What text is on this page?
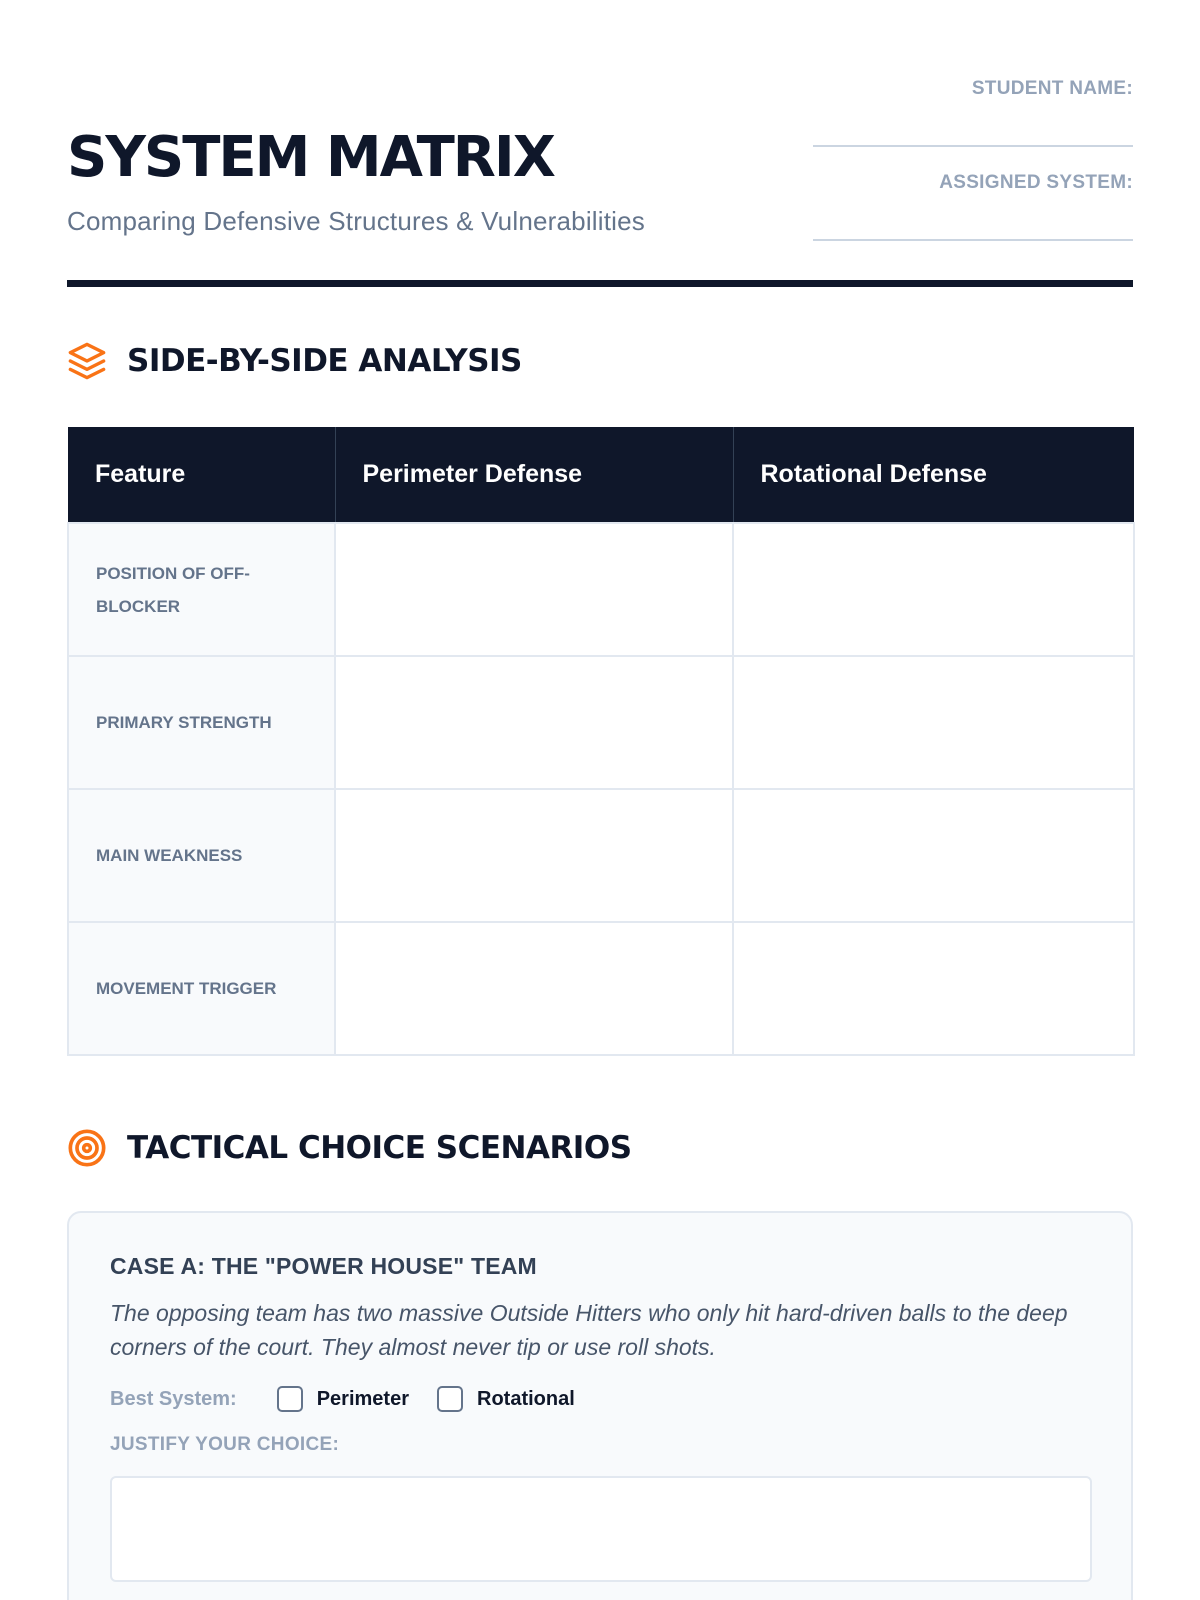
SYSTEM MATRIX
Comparing Defensive Structures & Vulnerabilities
STUDENT NAME:
ASSIGNED SYSTEM:
SIDE-BY-SIDE ANALYSIS
Feature	Perimeter Defense	Rotational Defense
POSITION OF OFF-BLOCKER		
PRIMARY STRENGTH		
MAIN WEAKNESS		
MOVEMENT TRIGGER		
TACTICAL CHOICE SCENARIOS
CASE A: THE "POWER HOUSE" TEAM
The opposing team has two massive Outside Hitters who only hit hard-driven balls to the deep corners of the court. They almost never tip or use roll shots.
Best System:	Perimeter	Rotational
JUSTIFY YOUR CHOICE:
